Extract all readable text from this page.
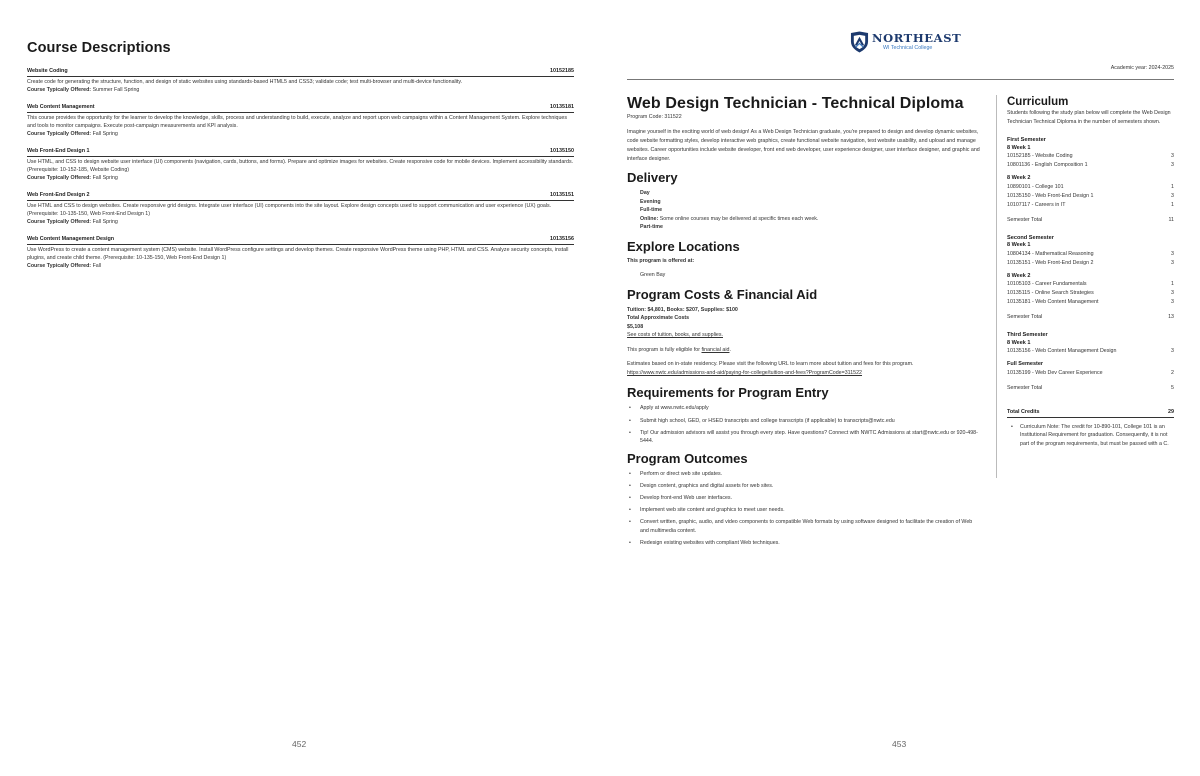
Course Descriptions
Website Coding	10152185
Create code for generating the structure, function, and design of static websites using standards-based HTML5 and CSS3; validate code; test multi-browser and multi-device functionality.
Course Typically Offered: Summer Fall Spring
Web Content Management	10135181
This course provides the opportunity for the learner to develop the knowledge, skills, process and understanding to build, execute, analyze and report upon web campaigns within a Content Management System. Explore techniques and tools to monitor campaigns. Execute post-campaign measurements and KPI analysis.
Course Typically Offered: Fall Spring
Web Front-End Design 1	10135150
Use HTML, and CSS to design website user interface (UI) components (navigation, cards, buttons, and forms). Prepare and optimize images for websites. Create responsive code for mobile devices. Implement accessibility standards. (Prerequisite: 10-152-185, Website Coding)
Course Typically Offered: Fall Spring
Web Front-End Design 2	10135151
Use HTML and CSS to design websites. Create responsive grid designs. Integrate user interface (UI) components into the site layout. Explore design concepts used to support communication and user experience (UX) goals. (Prerequisite: 10-135-150, Web Front-End Design 1)
Course Typically Offered: Fall Spring
Web Content Management Design	10135156
Use WordPress to create a content management system (CMS) website. Install WordPress configure settings and develop themes. Create responsive WordPress theme using PHP, HTML and CSS. Analyze security concepts, install plugins, and create child theme. (Prerequisite: 10-135-150, Web Front-End Design 1)
Course Typically Offered: Fall
452
NORTHEAST
WI Technical College
Academic year: 2024-2025
Web Design Technician - Technical Diploma
Program Code: 311522
Imagine yourself in the exciting world of web design! As a Web Design Technician graduate, you're prepared to design and develop dynamic websites, code website formatting styles, develop interactive web graphics, create functional website navigation, test website usability, and upload and manage websites. Career opportunities include website developer, front end web developer, user experience designer, user interface designer, and graphic and interface designer.
Delivery
Day
Evening
Full-time
Online: Some online courses may be delivered at specific times each week.
Part-time
Explore Locations
This program is offered at:
Green Bay
Program Costs & Financial Aid
Tuition: $4,801, Books: $207, Supplies: $100
Total Approximate Costs
$5,108
See costs of tuition, books, and supplies.
This program is fully eligible for financial aid.
Estimates based on in-state residency. Please visit the following URL to learn more about tuition and fees for this program.
https://www.nwtc.edu/admissions-and-aid/paying-for-college/tuition-and-fees?ProgramCode=311522
Requirements for Program Entry
• Apply at www.nwtc.edu/apply
• Submit high school, GED, or HSED transcripts and college transcripts (if applicable) to transcripts@nwtc.edu
• Tip! Our admission advisors will assist you through every step. Have questions? Connect with NWTC Admissions at start@nwtc.edu or 920-498-5444.
Program Outcomes
• Perform or direct web site updates.
• Design content, graphics and digital assets for web sites.
• Develop front-end Web user interfaces.
• Implement web site content and graphics to meet user needs.
• Convert written, graphic, audio, and video components to compatible Web formats by using software designed to facilitate the creation of Web and multimedia content.
• Redesign existing websites with compliant Web techniques.
Curriculum
Students following the study plan below will complete the Web Design Technician Technical Diploma in the number of semesters shown.
First Semester
8 Week 1
10152185 - Website Coding	3
10801136 - English Composition 1	3
8 Week 2
10890101 - College 101	1
10135150 - Web Front-End Design 1	3
10107117 - Careers in IT	1
Semester Total	11
Second Semester
8 Week 1
10804134 - Mathematical Reasoning	3
10135151 - Web Front-End Design 2	3
8 Week 2
10105103 - Career Fundamentals	1
10135115 - Online Search Strategies	3
10135181 - Web Content Management	3
Semester Total	13
Third Semester
8 Week 1
10135156 - Web Content Management Design	3
Full Semester
10135199 - Web Dev Career Experience	2
Semester Total	5
Total Credits	29
• Curriculum Note: The credit for 10-890-101, College 101 is an Institutional Requirement for graduation. Consequently, it is not part of the program requirements, but must be passed with a C.
453
